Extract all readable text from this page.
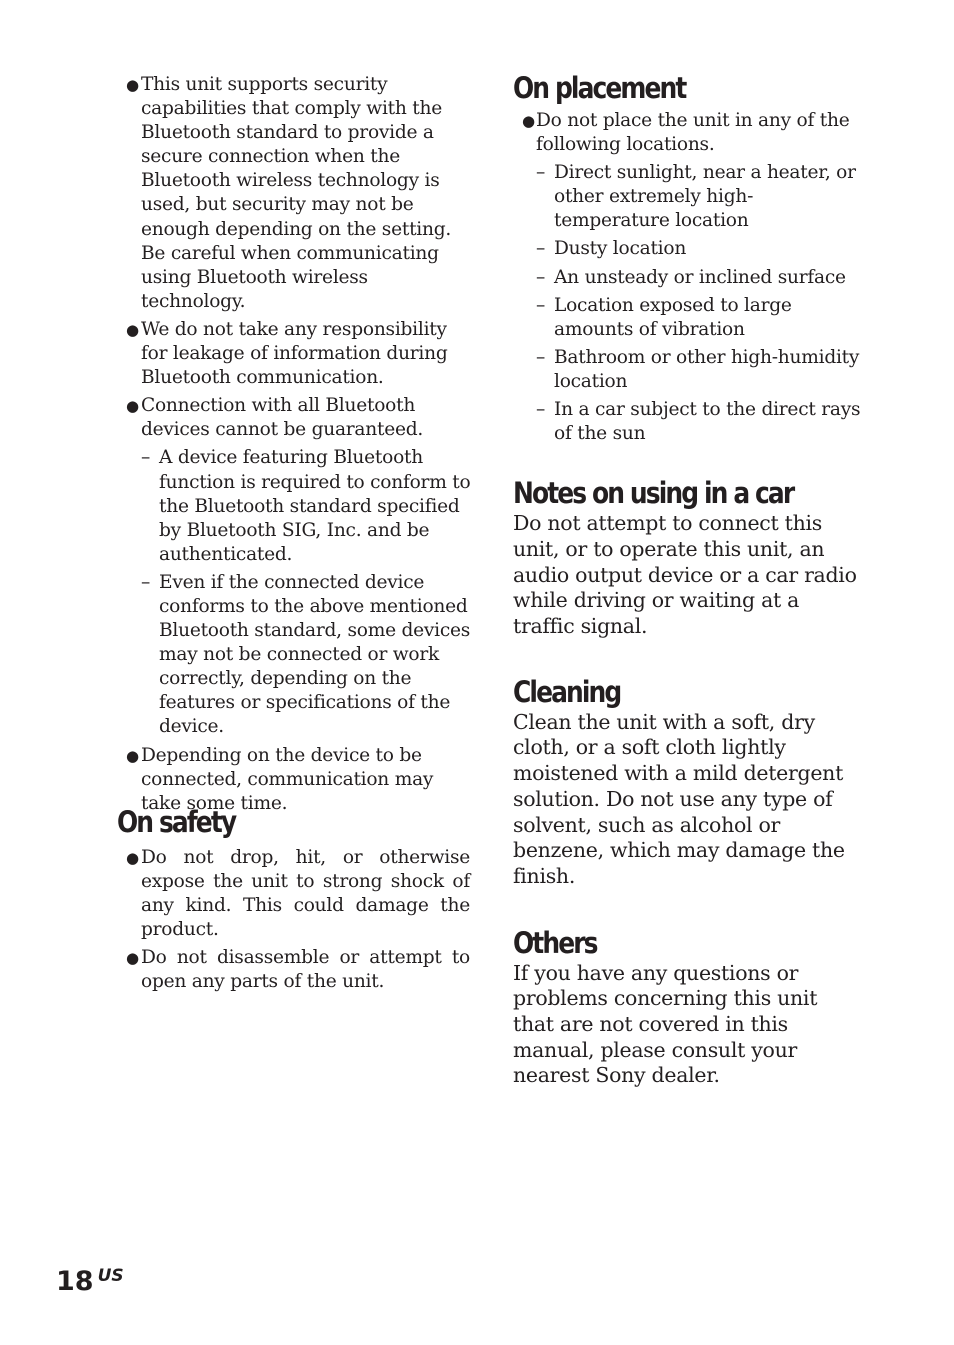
● This unit supports security capabilities that comply with the Bluetooth standard to provide a secure connection when the Bluetooth wireless technology is used, but security may not be enough depending on the setting. Be careful when communicating using Bluetooth wireless technology.
● We do not take any responsibility for leakage of information during Bluetooth communication.
● Connection with all Bluetooth devices cannot be guaranteed.
– A device featuring Bluetooth function is required to conform to the Bluetooth standard specified by Bluetooth SIG, Inc. and be authenticated.
– Even if the connected device conforms to the above mentioned Bluetooth standard, some devices may not be connected or work correctly, depending on the features or specifications of the device.
● Depending on the device to be connected, communication may take some time.
On safety
● Do not drop, hit, or otherwise expose the unit to strong shock of any kind. This could damage the product.
● Do not disassemble or attempt to open any parts of the unit.
On placement
● Do not place the unit in any of the following locations.
– Direct sunlight, near a heater, or other extremely high-temperature location
– Dusty location
– An unsteady or inclined surface
– Location exposed to large amounts of vibration
– Bathroom or other high-humidity location
– In a car subject to the direct rays of the sun
Notes on using in a car

Do not attempt to connect this unit, or to operate this unit, an audio output device or a car radio while driving or waiting at a traffic signal.

Cleaning

Clean the unit with a soft, dry cloth, or a soft cloth lightly moistened with a mild detergent solution. Do not use any type of solvent, such as alcohol or benzene, which may damage the finish.

Others

If you have any questions or problems concerning this unit that are not covered in this manual, please consult your nearest Sony dealer.

18 US
